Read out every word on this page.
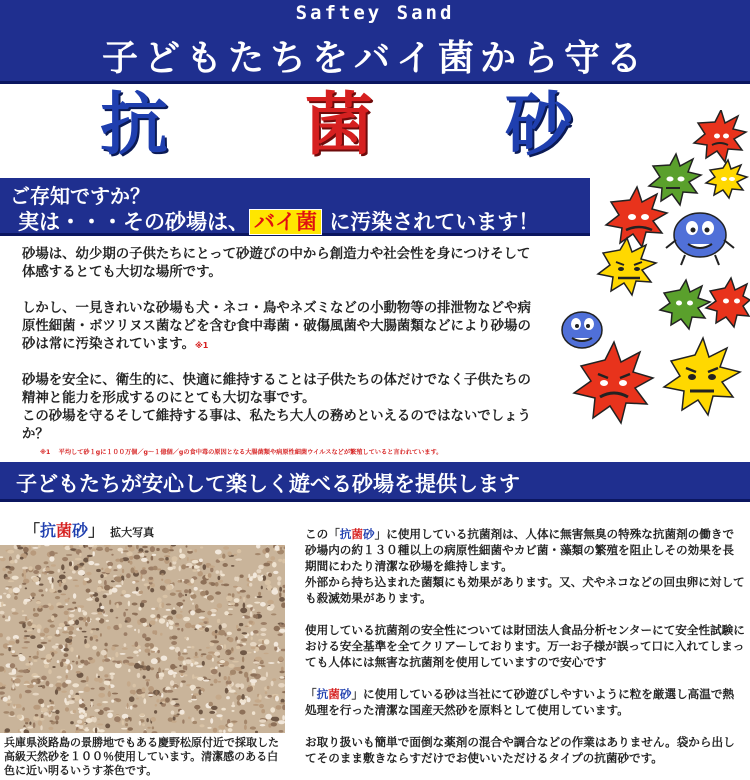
Saftey Sand
子どもたちをバイ菌から守る
抗 菌 砂
ご存知ですか？
実は・・・その砂場は、 バイ菌 に汚染されています！
砂場は、幼少期の子供たちにとって砂遊びの中から創造力や社会性を身につけそして体感するとても大切な場所です。
しかし、一見きれいな砂場も犬・ネコ・鳥やネズミなどの小動物等の排泄物などや病原性細菌・ボツリヌス菌などを含む食中毒菌・破傷風菌や大腸菌類などにより砂場の砂は常に汚染されています。※1
砂場を安全に、衛生的に、快適に維持することは子供たちの体だけでなく子供たちの精神と能力を形成するのにとても大切な事です。
この砂場を守るそして維持する事は、私たち大人の務めといえるのではないでしょうか？
※1　 平均して砂１gに１００万個／g～１億個／gの食中毒の原因となる大腸菌類や病原性細菌ウイルスなどが繁殖していると言われています。
子どもたちが安心して楽しく遊べる砂場を提供します
「抗菌砂」 拡大写真
兵庫県淡路島の景勝地でもある慶野松原付近で採取した高級天然砂を１００％使用しています。清潔感のある白色に近い明るいうす茶色です。

この「抗菌砂」に使用している抗菌剤は、人体に無害無臭の特殊な抗菌剤の働きで砂場内の約１３０種以上の病原性細菌やカビ菌・藻類の繁殖を阻止しその効果を長期間にわたり清潔な砂場を維持します。

外部から持ち込まれた菌類にも効果があります。又、犬やネコなどの回虫卵に対しても殺滅効果があります。

使用している抗菌剤の安全性については財団法人食品分析センターにて安全性試験における安全基準を全てクリアーしております。万一お子様が誤って口に入れてしまっても人体には無害な抗菌剤を使用していますので安心です

「抗菌砂」に使用している砂は当社にて砂遊びしやすいように粒を厳選し高温で熱処理を行った清潔な国産天然砂を原料として使用しています。

お取り扱いも簡単で面倒な薬剤の混合や調合などの作業はありません。袋から出してそのまま敷きならすだけでお使いいただけるタイプの抗菌砂です。
